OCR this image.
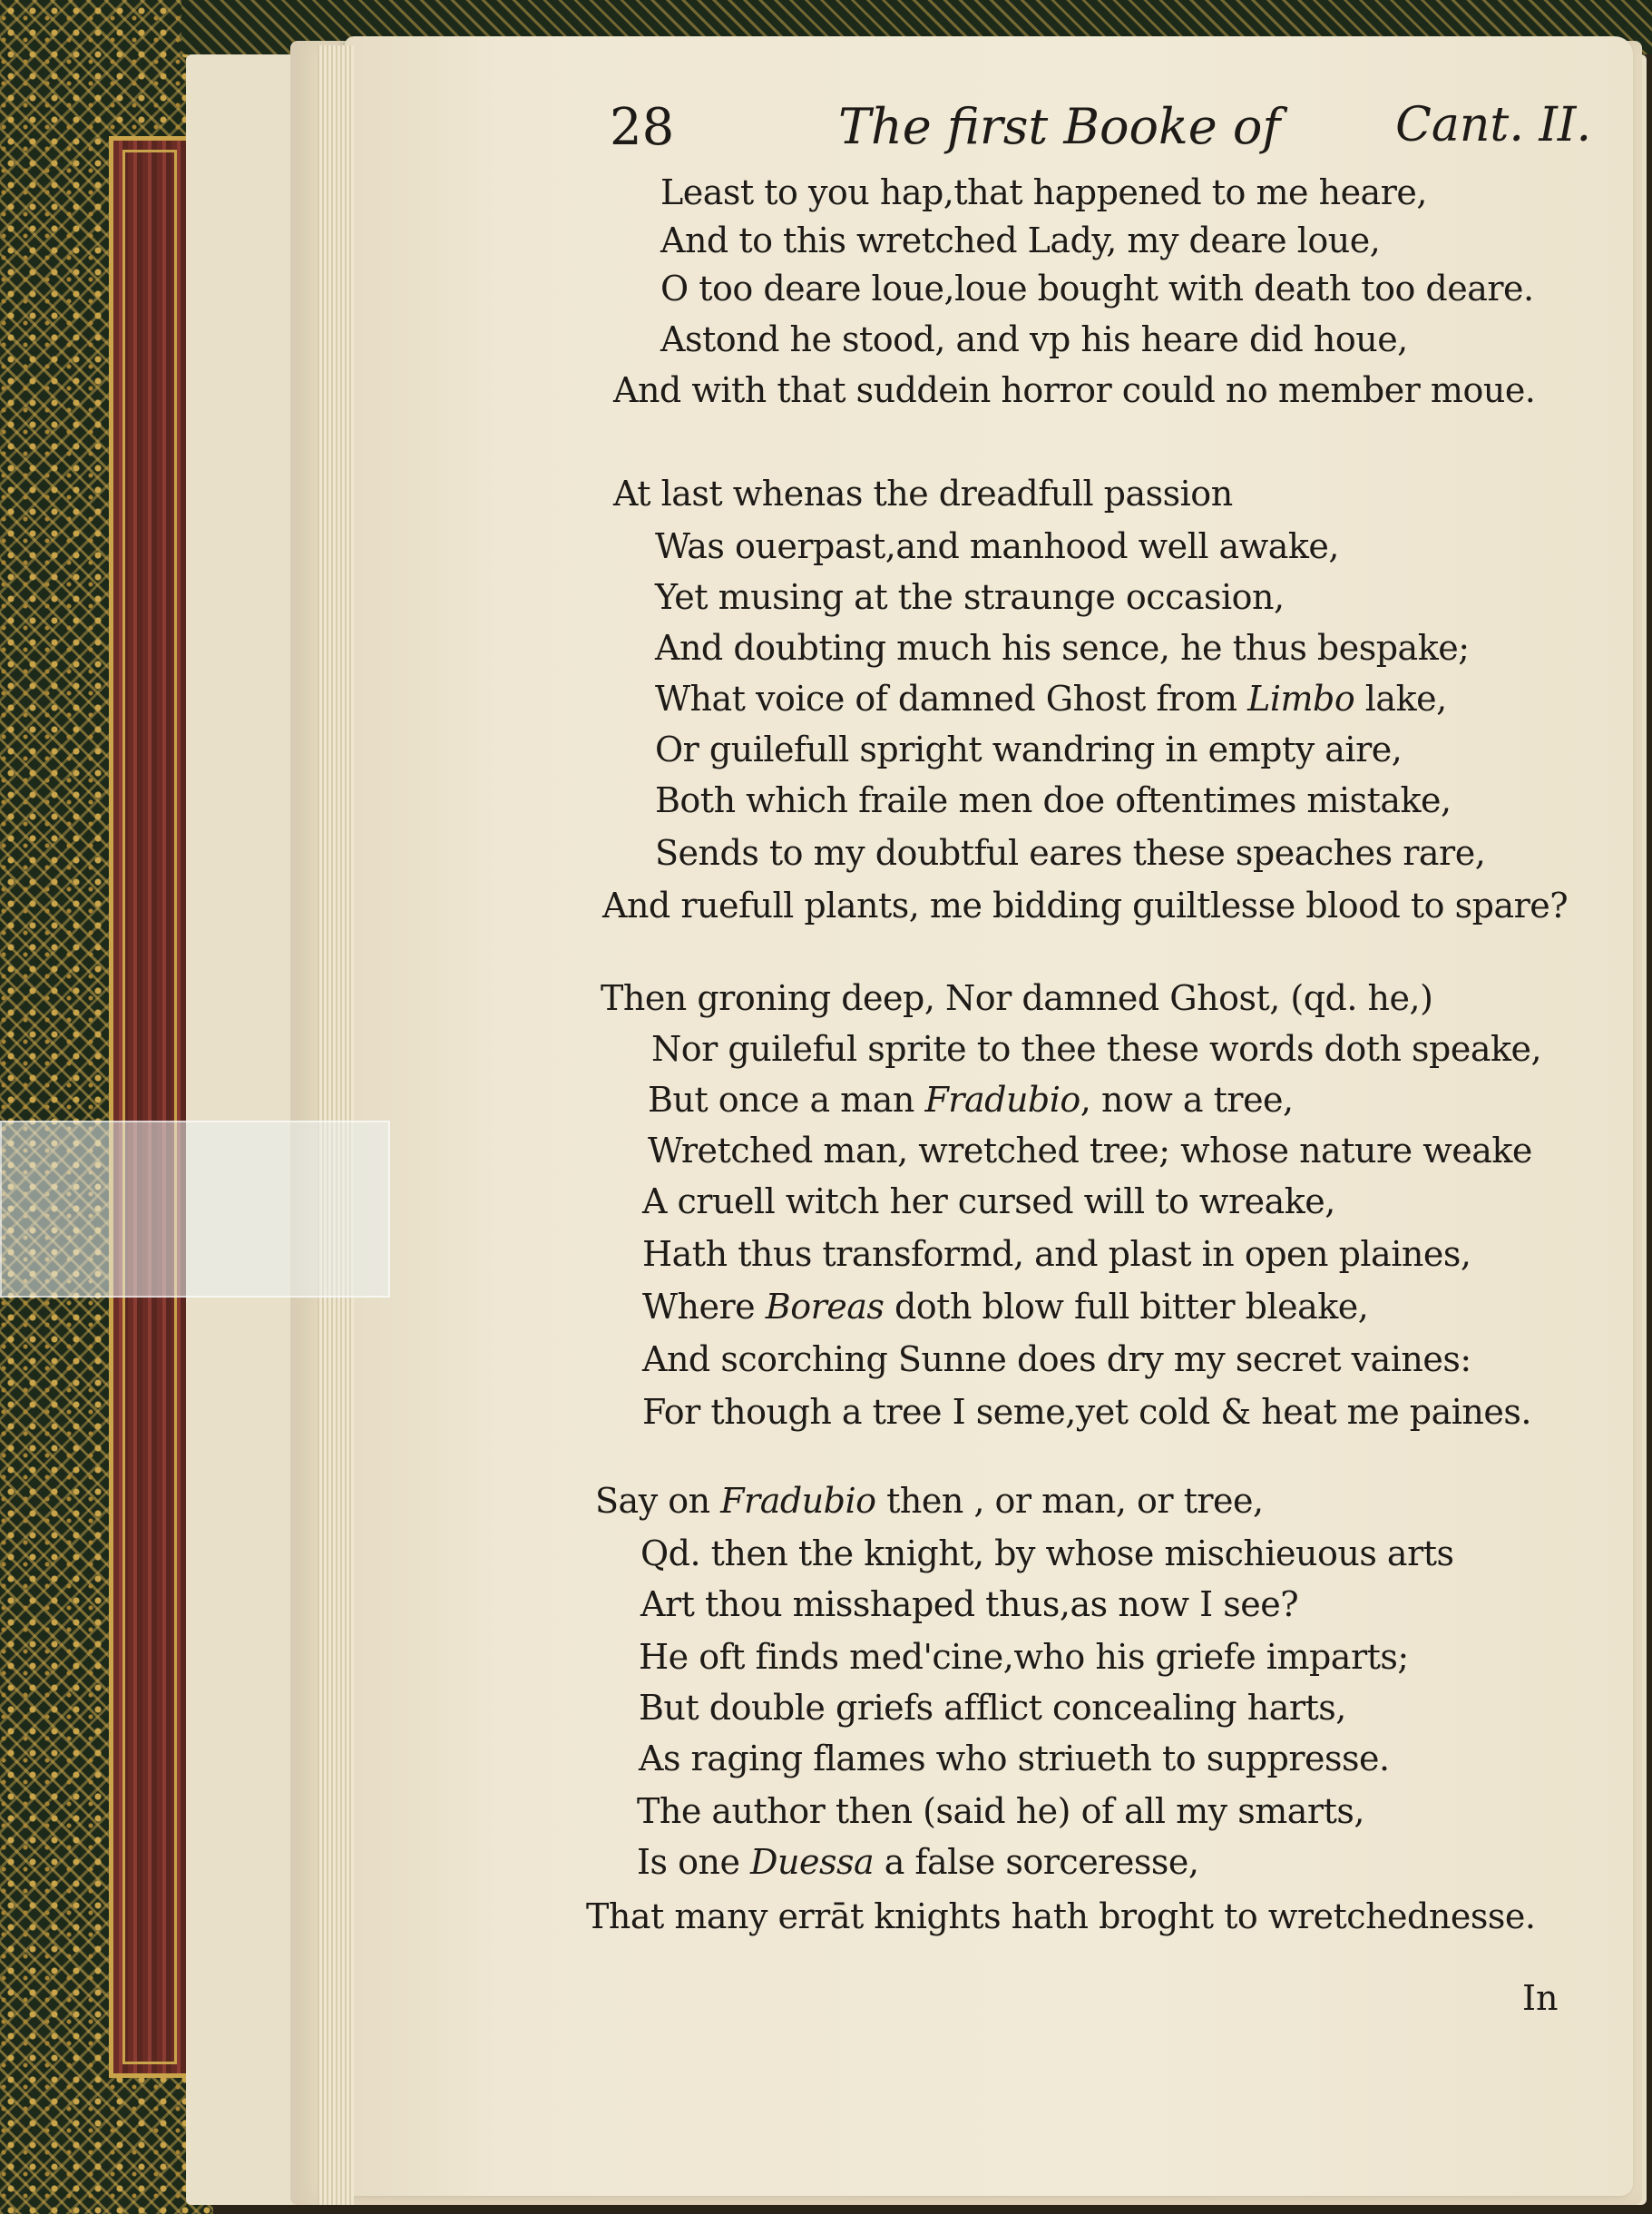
28	The first Booke of Cant. II.
Least to you hap,that happened to me heare,
And to this wretched Lady, my deare loue,
O too deare loue,loue bought with death too deare.
Astond he stood, and vp his heare did houe,
And with that suddein horror could no member moue.
At last whenas the dreadfull passion
Was ouerpast,and manhood well awake,
Yet musing at the straunge occasion,
And doubting much his sence, he thus bespake;
What voice of damned Ghost from Limbo lake,
Or guilefull spright wandring in empty aire,
Both which fraile men doe oftentimes mistake,
Sends to my doubtful eares these speaches rare,
And ruefull plants, me bidding guiltlesse blood to spare?
Then groning deep, Nor damned Ghost, (qd. he,)
Nor guileful sprite to thee these words doth speake,
But once a man Fradubio, now a tree,
Wretched man, wretched tree; whose nature weake
A cruell witch her cursed will to wreake,
Hath thus transformd, and plast in open plaines,
Where Boreas doth blow full bitter bleake,
And scorching Sunne does dry my secret vaines:
For though a tree I seme,yet cold & heat me paines.
Say on Fradubio then , or man, or tree,
Qd. then the knight, by whose mischieuous arts
Art thou misshaped thus,as now I see?
He oft finds med'cine,who his griefe imparts;
But double griefs afflict concealing harts,
As raging flames who striueth to suppresse.
The author then (said he) of all my smarts,
Is one Duessa a false sorceresse,
That many errāt knights hath broght to wretchednesse.
In
